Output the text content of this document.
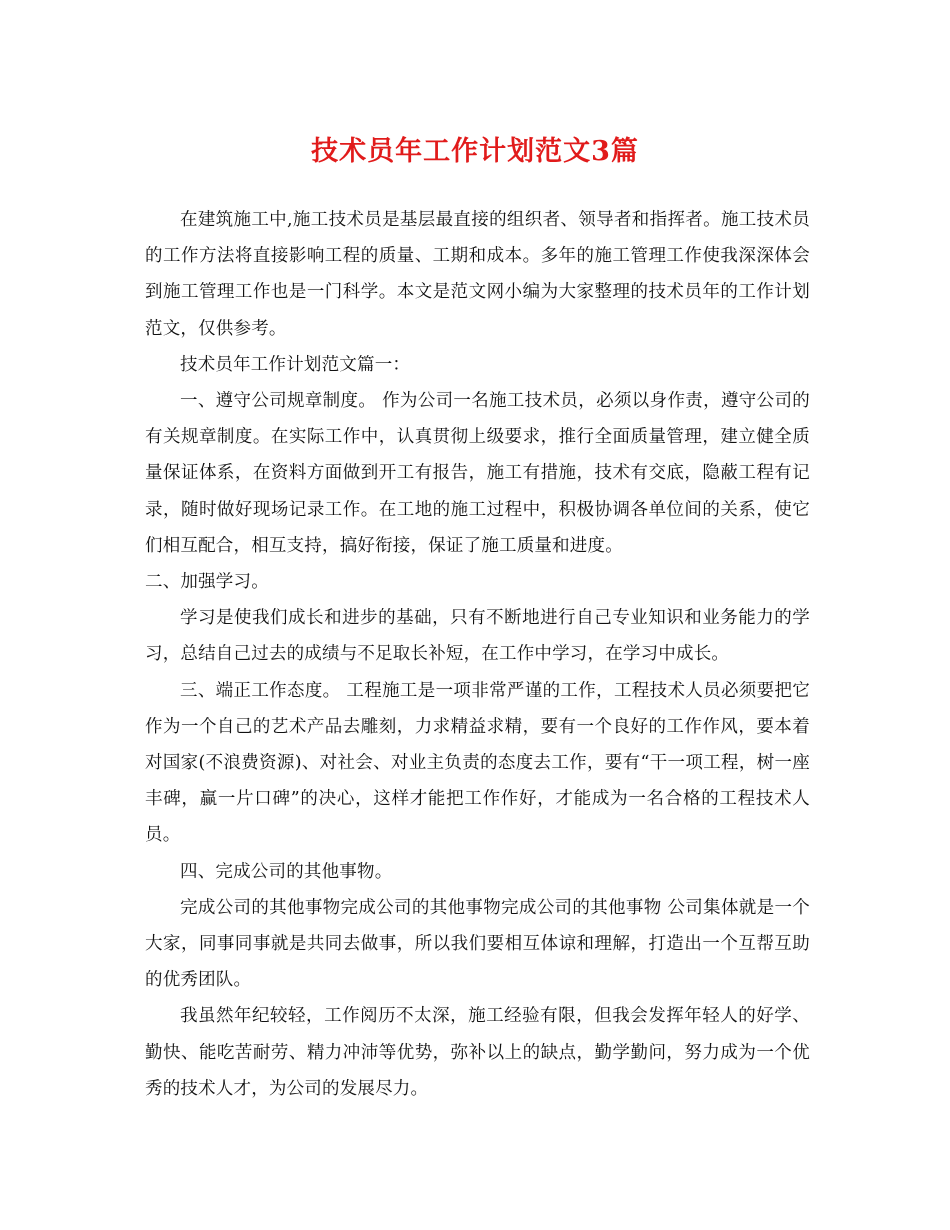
技术员年工作计划范文3篇

在建筑施工中,施工技术员是基层最直接的组织者、领导者和指挥者。施工技术员的工作方法将直接影响工程的质量、工期和成本。多年的施工管理工作使我深深体会到施工管理工作也是一门科学。本文是范文网小编为大家整理的技术员年的工作计划范文，仅供参考。

技术员年工作计划范文篇一：

一、遵守公司规章制度。 作为公司一名施工技术员，必须以身作责，遵守公司的有关规章制度。在实际工作中，认真贯彻上级要求，推行全面质量管理，建立健全质量保证体系，在资料方面做到开工有报告，施工有措施，技术有交底，隐蔽工程有记录，随时做好现场记录工作。在工地的施工过程中，积极协调各单位间的关系，使它们相互配合，相互支持，搞好衔接，保证了施工质量和进度。

二、加强学习。

学习是使我们成长和进步的基础，只有不断地进行自己专业知识和业务能力的学习，总结自己过去的成绩与不足取长补短，在工作中学习，在学习中成长。

三、端正工作态度。 工程施工是一项非常严谨的工作，工程技术人员必须要把它作为一个自己的艺术产品去雕刻，力求精益求精，要有一个良好的工作作风，要本着对国家(不浪费资源)、对社会、对业主负责的态度去工作，要有“干一项工程，树一座丰碑，赢一片口碑”的决心，这样才能把工作作好，才能成为一名合格的工程技术人员。

四、完成公司的其他事物。

完成公司的其他事物完成公司的其他事物完成公司的其他事物 公司集体就是一个大家，同事同事就是共同去做事，所以我们要相互体谅和理解，打造出一个互帮互助的优秀团队。

我虽然年纪较轻，工作阅历不太深，施工经验有限，但我会发挥年轻人的好学、勤快、能吃苦耐劳、精力冲沛等优势，弥补以上的缺点，勤学勤问，努力成为一个优秀的技术人才，为公司的发展尽力。
